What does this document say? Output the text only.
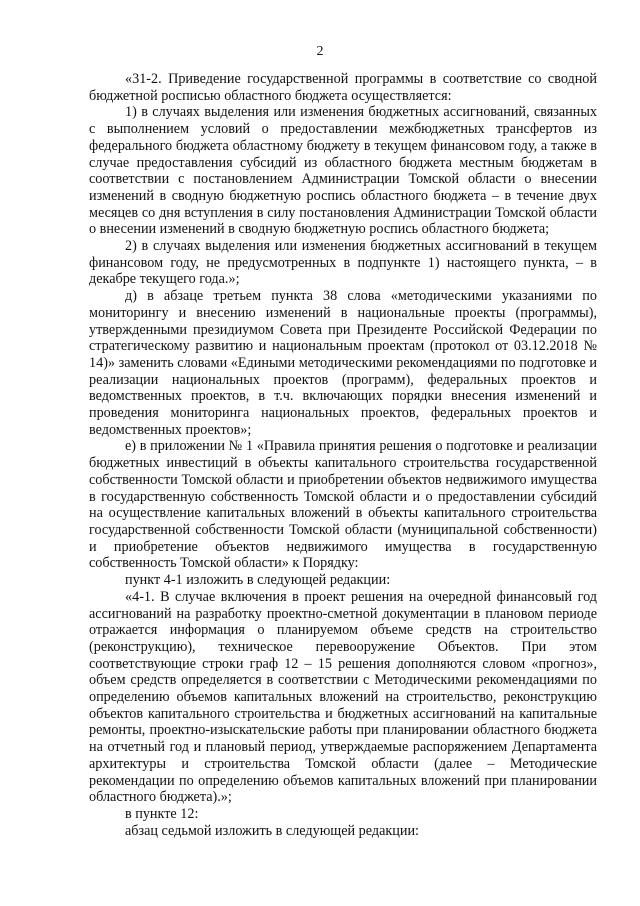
2

«31-2. Приведение государственной программы в соответствие со сводной бюджетной росписью областного бюджета осуществляется:

1) в случаях выделения или изменения бюджетных ассигнований, связанных с выполнением условий о предоставлении межбюджетных трансфертов из федерального бюджета областному бюджету в текущем финансовом году, а также в случае предоставления субсидий из областного бюджета местным бюджетам в соответствии с постановлением Администрации Томской области о внесении изменений в сводную бюджетную роспись областного бюджета – в течение двух месяцев со дня вступления в силу постановления Администрации Томской области о внесении изменений в сводную бюджетную роспись областного бюджета;

2) в случаях выделения или изменения бюджетных ассигнований в текущем финансовом году, не предусмотренных в подпункте 1) настоящего пункта, – в декабре текущего года.»;

д) в абзаце третьем пункта 38 слова «методическими указаниями по мониторингу и внесению изменений в национальные проекты (программы), утвержденными президиумом Совета при Президенте Российской Федерации по стратегическому развитию и национальным проектам (протокол от 03.12.2018 № 14)» заменить словами «Едиными методическими рекомендациями по подготовке и реализации национальных проектов (программ), федеральных проектов и ведомственных проектов, в т.ч. включающих порядки внесения изменений и проведения мониторинга национальных проектов, федеральных проектов и ведомственных проектов»;

е) в приложении № 1 «Правила принятия решения о подготовке и реализации бюджетных инвестиций в объекты капитального строительства государственной собственности Томской области и приобретении объектов недвижимого имущества в государственную собственность Томской области и о предоставлении субсидий на осуществление капитальных вложений в объекты капитального строительства государственной собственности Томской области (муниципальной собственности) и приобретение объектов недвижимого имущества в государственную собственность Томской области» к Порядку:

пункт 4-1 изложить в следующей редакции:

«4-1. В случае включения в проект решения на очередной финансовый год ассигнований на разработку проектно-сметной документации в плановом периоде отражается информация о планируемом объеме средств на строительство (реконструкцию), техническое перевооружение Объектов. При этом соответствующие строки граф 12 – 15 решения дополняются словом «прогноз», объем средств определяется в соответствии с Методическими рекомендациями по определению объемов капитальных вложений на строительство, реконструкцию объектов капитального строительства и бюджетных ассигнований на капитальные ремонты, проектно-изыскательские работы при планировании областного бюджета на отчетный год и плановый период, утверждаемые распоряжением Департамента архитектуры и строительства Томской области (далее – Методические рекомендации по определению объемов капитальных вложений при планировании областного бюджета).»;

в пункте 12:

абзац седьмой изложить в следующей редакции:
